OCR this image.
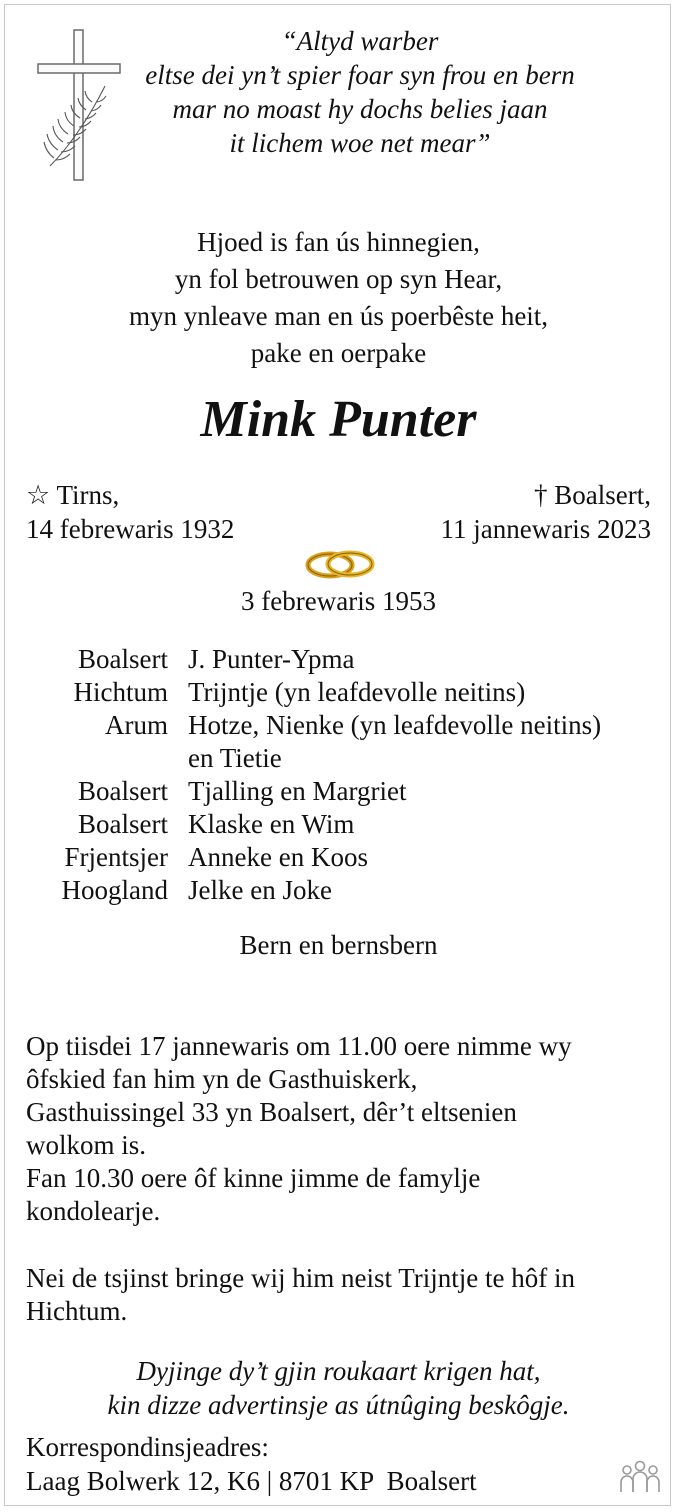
“Altyd warber
eltse dei yn’t spier foar syn frou en bern
mar no moast hy dochs belies jaan
it lichem woe net mear”
Hjoed is fan ús hinnegien,
yn fol betrouwen op syn Hear,
myn ynleave man en ús poerbêste heit,
pake en oerpake
Mink Punter
☆ Tirns,
14 febrewaris 1932
† Boalsert,
11 jannewaris 2023
3 febrewaris 1953
Boalsert J. Punter-Ypma
Hichtum Trijntje (yn leafdevolle neitins)
Arum Hotze, Nienke (yn leafdevolle neitins)
en Tietie
Boalsert Tjalling en Margriet
Boalsert Klaske en Wim
Frjentsjer Anneke en Koos
Hoogland Jelke en Joke
Bern en bernsbern
Op tiisdei 17 jannewaris om 11.00 oere nimme wy
ôfskied fan him yn de Gasthuiskerk,
Gasthuissingel 33 yn Boalsert, dêr’t eltsenien
wolkom is.
Fan 10.30 oere ôf kinne jimme de famylje
kondolearje.
Nei de tsjinst bringe wij him neist Trijntje te hôf in
Hichtum.
Dyjinge dy’t gjin roukaart krigen hat,
kin dizze advertinsje as útnûging beskôgje.
Korrespondinsjeadres:
Laag Bolwerk 12, K6 | 8701 KP  Boalsert
